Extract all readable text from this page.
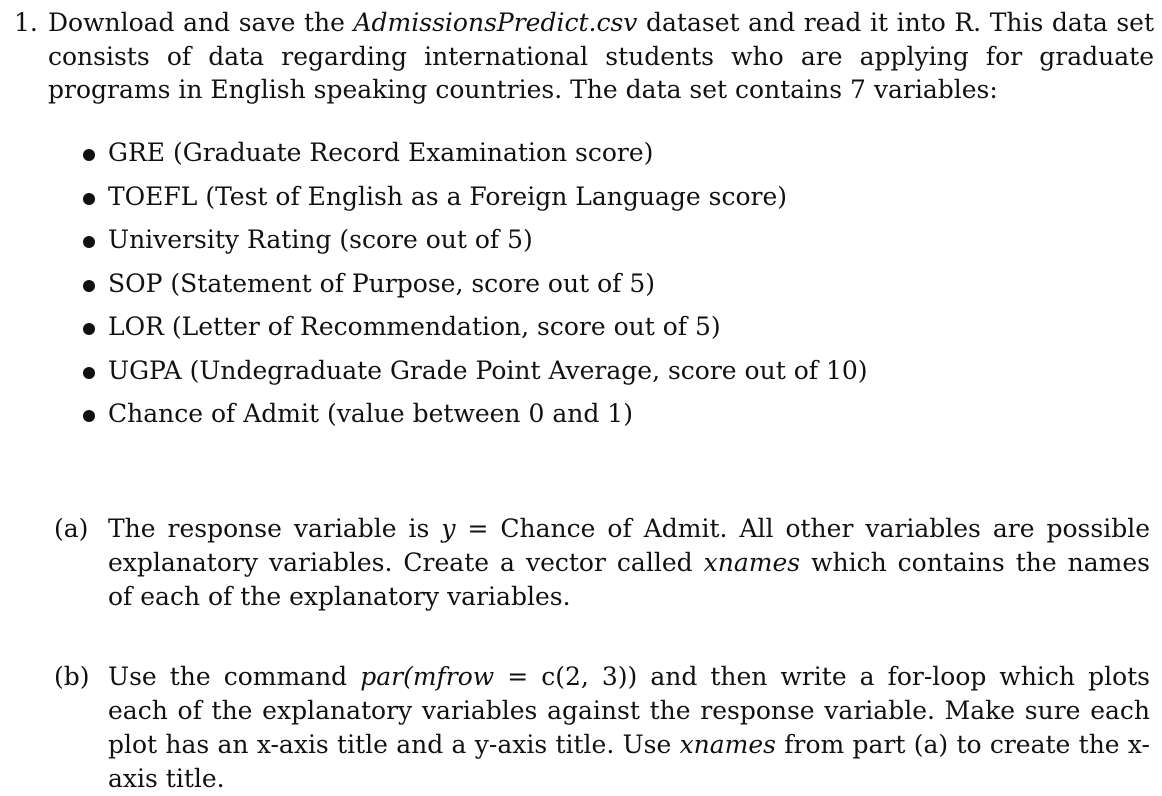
1. Download and save the AdmissionsPredict.csv dataset and read it into R. This data set consists of data regarding international students who are applying for graduate programs in English speaking countries. The data set contains 7 variables:
GRE (Graduate Record Examination score)
TOEFL (Test of English as a Foreign Language score)
University Rating (score out of 5)
SOP (Statement of Purpose, score out of 5)
LOR (Letter of Recommendation, score out of 5)
UGPA (Undegraduate Grade Point Average, score out of 10)
Chance of Admit (value between 0 and 1)
(a) The response variable is y = Chance of Admit. All other variables are possible explanatory variables. Create a vector called xnames which contains the names of each of the explanatory variables.
(b) Use the command par(mfrow = c(2, 3)) and then write a for-loop which plots each of the explanatory variables against the response variable. Make sure each plot has an x-axis title and a y-axis title. Use xnames from part (a) to create the x-axis title.
